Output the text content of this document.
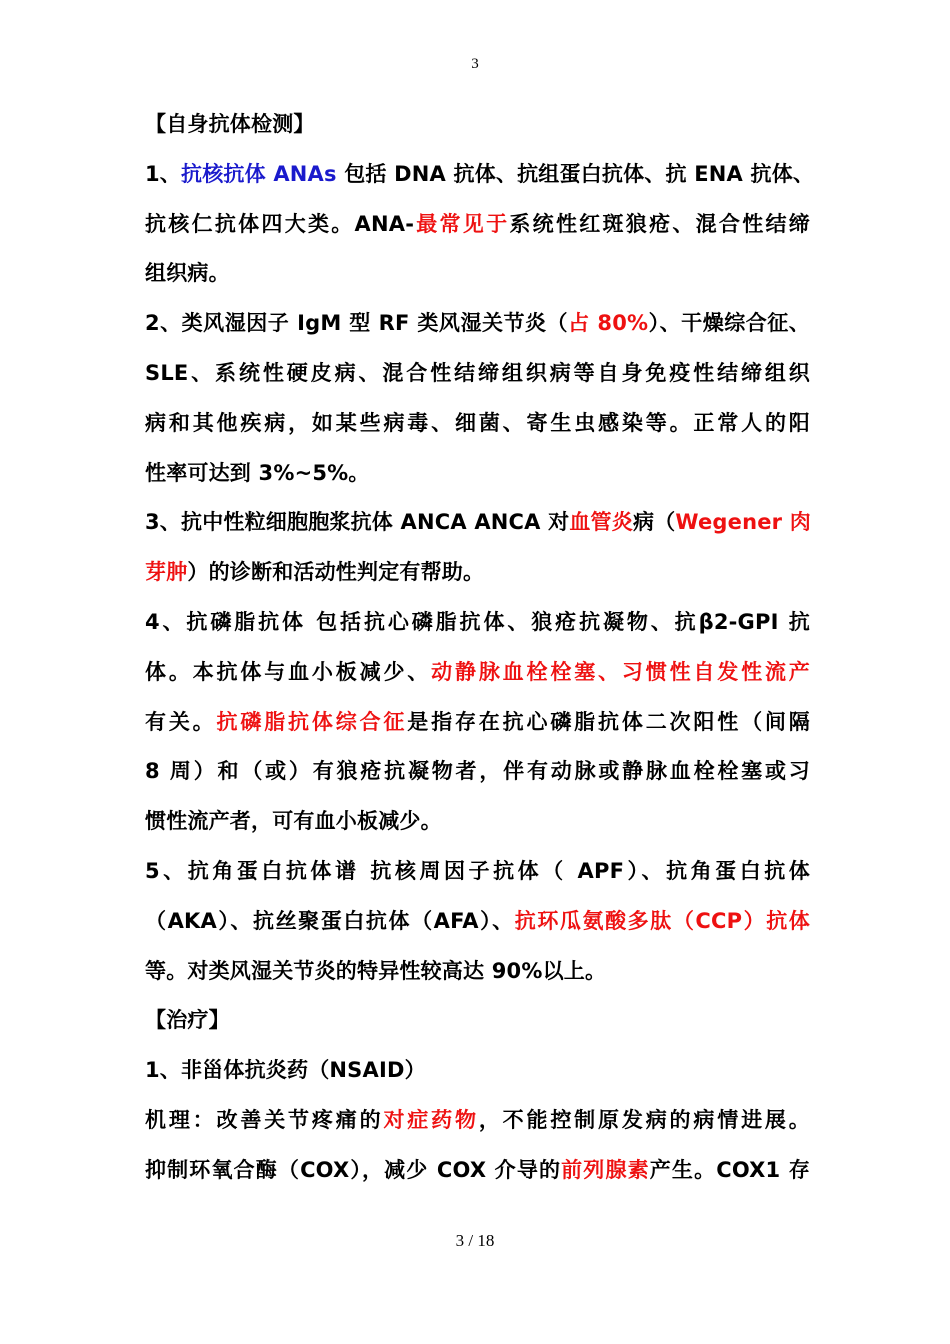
3
【自身抗体检测】
1、抗核抗体 ANAs 包括 DNA 抗体、抗组蛋白抗体、抗 ENA 抗体、
抗核仁抗体四大类。ANA-最常见于系统性红斑狼疮、混合性结缔
组织病。
2、类风湿因子 IgM 型 RF 类风湿关节炎（占 80%）、干燥综合征、
SLE、系统性硬皮病、混合性结缔组织病等自身免疫性结缔组织
病和其他疾病，如某些病毒、细菌、寄生虫感染等。正常人的阳
性率可达到 3%~5%。
3、抗中性粒细胞胞浆抗体 ANCA ANCA 对血管炎病（Wegener 肉
芽肿）的诊断和活动性判定有帮助。
4、抗磷脂抗体 包括抗心磷脂抗体、狼疮抗凝物、抗β2-GPI 抗
体。本抗体与血小板减少、动静脉血栓栓塞、习惯性自发性流产
有关。抗磷脂抗体综合征是指存在抗心磷脂抗体二次阳性（间隔
8 周）和（或）有狼疮抗凝物者，伴有动脉或静脉血栓栓塞或习
惯性流产者，可有血小板减少。
5、抗角蛋白抗体谱 抗核周因子抗体（ APF）、抗角蛋白抗体
（AKA）、抗丝聚蛋白抗体（AFA）、抗环瓜氨酸多肽（CCP）抗体
等。对类风湿关节炎的特异性较高达 90%以上。
【治疗】
1、非甾体抗炎药（NSAID）
机理：改善关节疼痛的对症药物，不能控制原发病的病情进展。
抑制环氧合酶（COX），减少 COX 介导的前列腺素产生。COX1 存
3 / 18
